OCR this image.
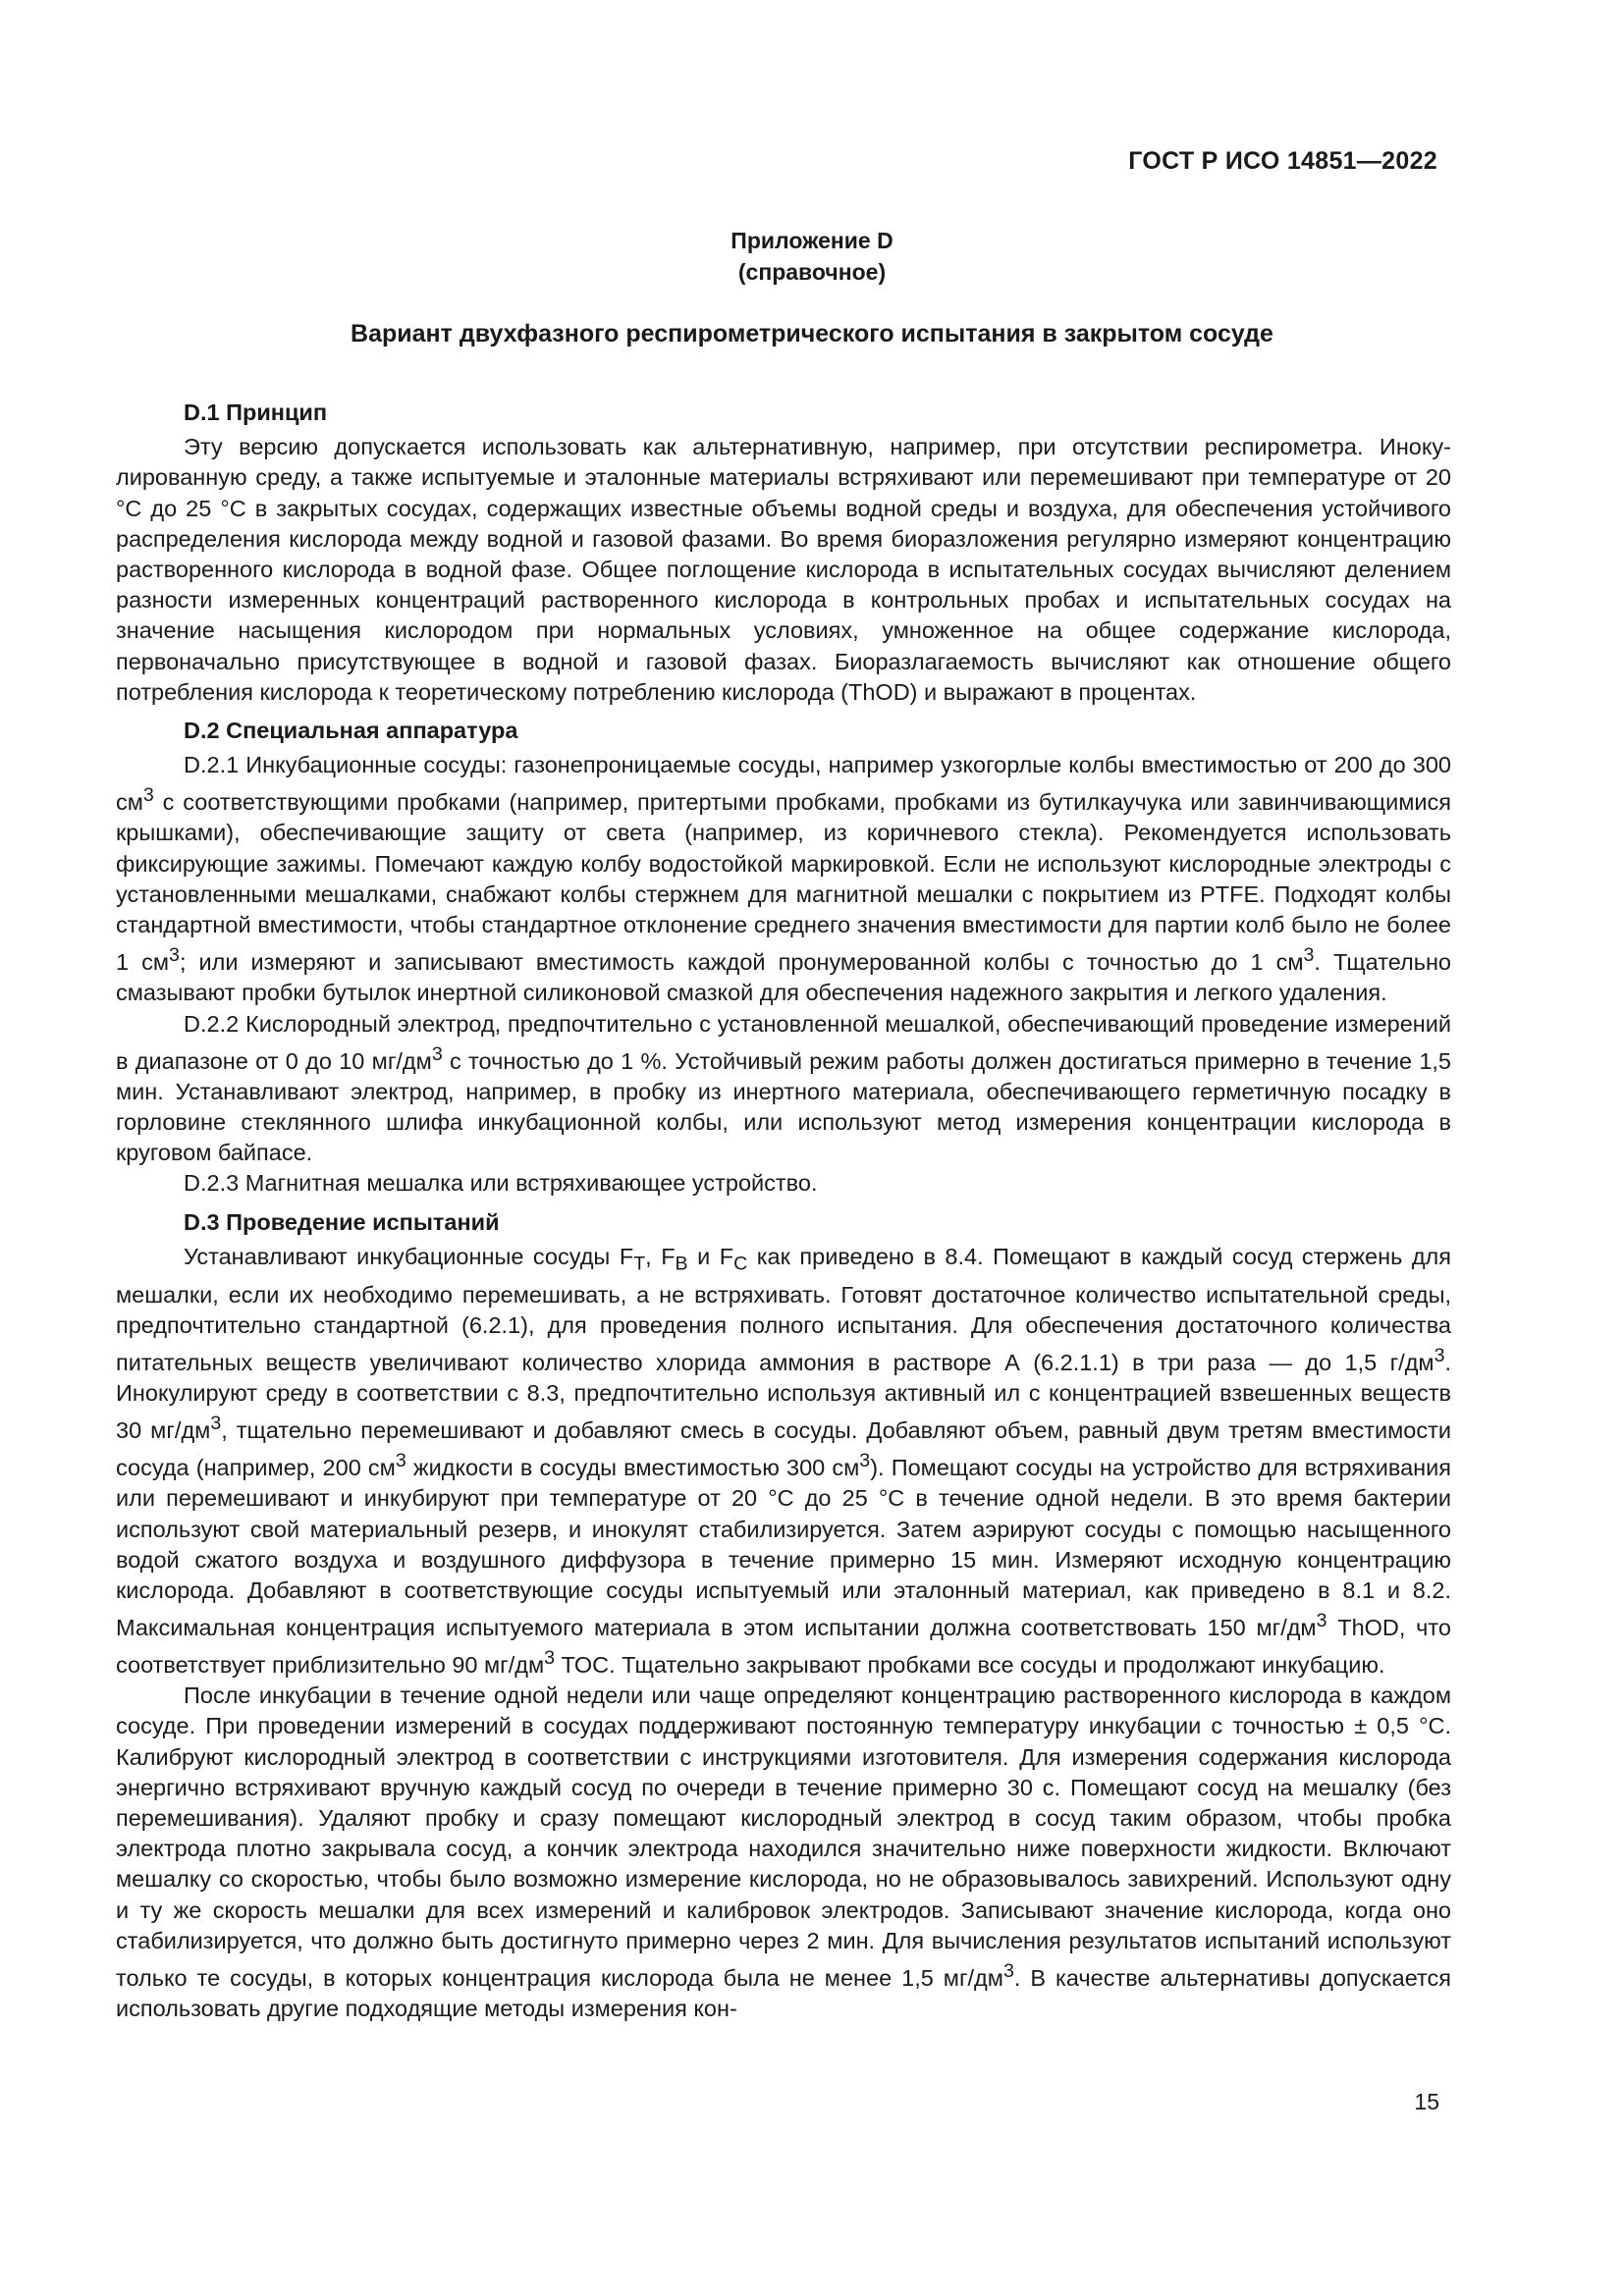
ГОСТ Р ИСО 14851—2022
Приложение D
(справочное)
Вариант двухфазного респирометрического испытания в закрытом сосуде
D.1 Принцип

Эту версию допускается использовать как альтернативную, например, при отсутствии респирометра. Инокулированную среду, а также испытуемые и эталонные материалы встряхивают или перемешивают при температуре от 20 °С до 25 °С в закрытых сосудах, содержащих известные объемы водной среды и воздуха, для обеспечения устойчивого распределения кислорода между водной и газовой фазами. Во время биоразложения регулярно измеряют концентрацию растворенного кислорода в водной фазе. Общее поглощение кислорода в испытательных сосудах вычисляют делением разности измеренных концентраций растворенного кислорода в контрольных пробах и испытательных сосудах на значение насыщения кислородом при нормальных условиях, умноженное на общее содержание кислорода, первоначально присутствующее в водной и газовой фазах. Биоразлагаемость вычисляют как отношение общего потребления кислорода к теоретическому потреблению кислорода (ThOD) и выражают в процентах.

D.2 Специальная аппаратура

D.2.1 Инкубационные сосуды: газонепроницаемые сосуды, например узкогорлые колбы вместимостью от 200 до 300 $см^3$ с соответствующими пробками (например, притертыми пробками, пробками из бутилкаучука или завинчивающимися крышками), обеспечивающие защиту от света (например, из коричневого стекла). Рекомендуется использовать фиксирующие зажимы. Помечают каждую колбу водостойкой маркировкой. Если не используют кислородные электроды с установленными мешалками, снабжают колбы стержнем для магнитной мешалки с покрытием из PTFE. Подходят колбы стандартной вместимости, чтобы стандартное отклонение среднего значения вместимости для партии колб было не более 1 $см^3$; или измеряют и записывают вместимость каждой пронумерованной колбы с точностью до 1 $см^3$. Тщательно смазывают пробки бутылок инертной силиконовой смазкой для обеспечения надежного закрытия и легкого удаления.

D.2.2 Кислородный электрод, предпочтительно с установленной мешалкой, обеспечивающий проведение измерений в диапазоне от 0 до 10 $мг/дм^3$ с точностью до 1 %. Устойчивый режим работы должен достигаться примерно в течение 1,5 мин. Устанавливают электрод, например, в пробку из инертного материала, обеспечивающего герметичную посадку в горловине стеклянного шлифа инкубационной колбы, или используют метод измерения концентрации кислорода в круговом байпасе.

D.2.3 Магнитная мешалка или встряхивающее устройство.

D.3 Проведение испытаний

Устанавливают инкубационные сосуды $F_T$, $F_B$ и $F_C$ как приведено в 8.4. Помещают в каждый сосуд стержень для мешалки, если их необходимо перемешивать, а не встряхивать. Готовят достаточное количество испытательной среды, предпочтительно стандартной (6.2.1), для проведения полного испытания. Для обеспечения достаточного количества питательных веществ увеличивают количество хлорида аммония в растворе А (6.2.1.1) в три раза — до 1,5 $г/дм^3$. Инокулируют среду в соответствии с 8.3, предпочтительно используя активный ил с концентрацией взвешенных веществ 30 $мг/дм^3$, тщательно перемешивают и добавляют смесь в сосуды. Добавляют объем, равный двум третям вместимости сосуда (например, 200 $см^3$ жидкости в сосуды вместимостью 300 $см^3$). Помещают сосуды на устройство для встряхивания или перемешивают и инкубируют при температуре от 20 °С до 25 °С в течение одной недели. В это время бактерии используют свой материальный резерв, и инокулят стабилизируется. Затем аэрируют сосуды с помощью насыщенного водой сжатого воздуха и воздушного диффузора в течение примерно 15 мин. Измеряют исходную концентрацию кислорода. Добавляют в соответствующие сосуды испытуемый или эталонный материал, как приведено в 8.1 и 8.2. Максимальная концентрация испытуемого материала в этом испытании должна соответствовать 150 $мг/дм^3$ ThOD, что соответствует приблизительно 90 $мг/дм^3$ ТОС. Тщательно закрывают пробками все сосуды и продолжают инкубацию.

После инкубации в течение одной недели или чаще определяют концентрацию растворенного кислорода в каждом сосуде. При проведении измерений в сосудах поддерживают постоянную температуру инкубации с точностью ± 0,5 °С. Калибруют кислородный электрод в соответствии с инструкциями изготовителя. Для измерения содержания кислорода энергично встряхивают вручную каждый сосуд по очереди в течение примерно 30 с. Помещают сосуд на мешалку (без перемешивания). Удаляют пробку и сразу помещают кислородный электрод в сосуд таким образом, чтобы пробка электрода плотно закрывала сосуд, а кончик электрода находился значительно ниже поверхности жидкости. Включают мешалку со скоростью, чтобы было возможно измерение кислорода, но не образовывалось завихрений. Используют одну и ту же скорость мешалки для всех измерений и калибровок электродов. Записывают значение кислорода, когда оно стабилизируется, что должно быть достигнуто примерно через 2 мин. Для вычисления результатов испытаний используют только те сосуды, в которых концентрация кислорода была не менее 1,5 $мг/дм^3$. В качестве альтернативы допускается использовать другие подходящие методы измерения кон-

15
